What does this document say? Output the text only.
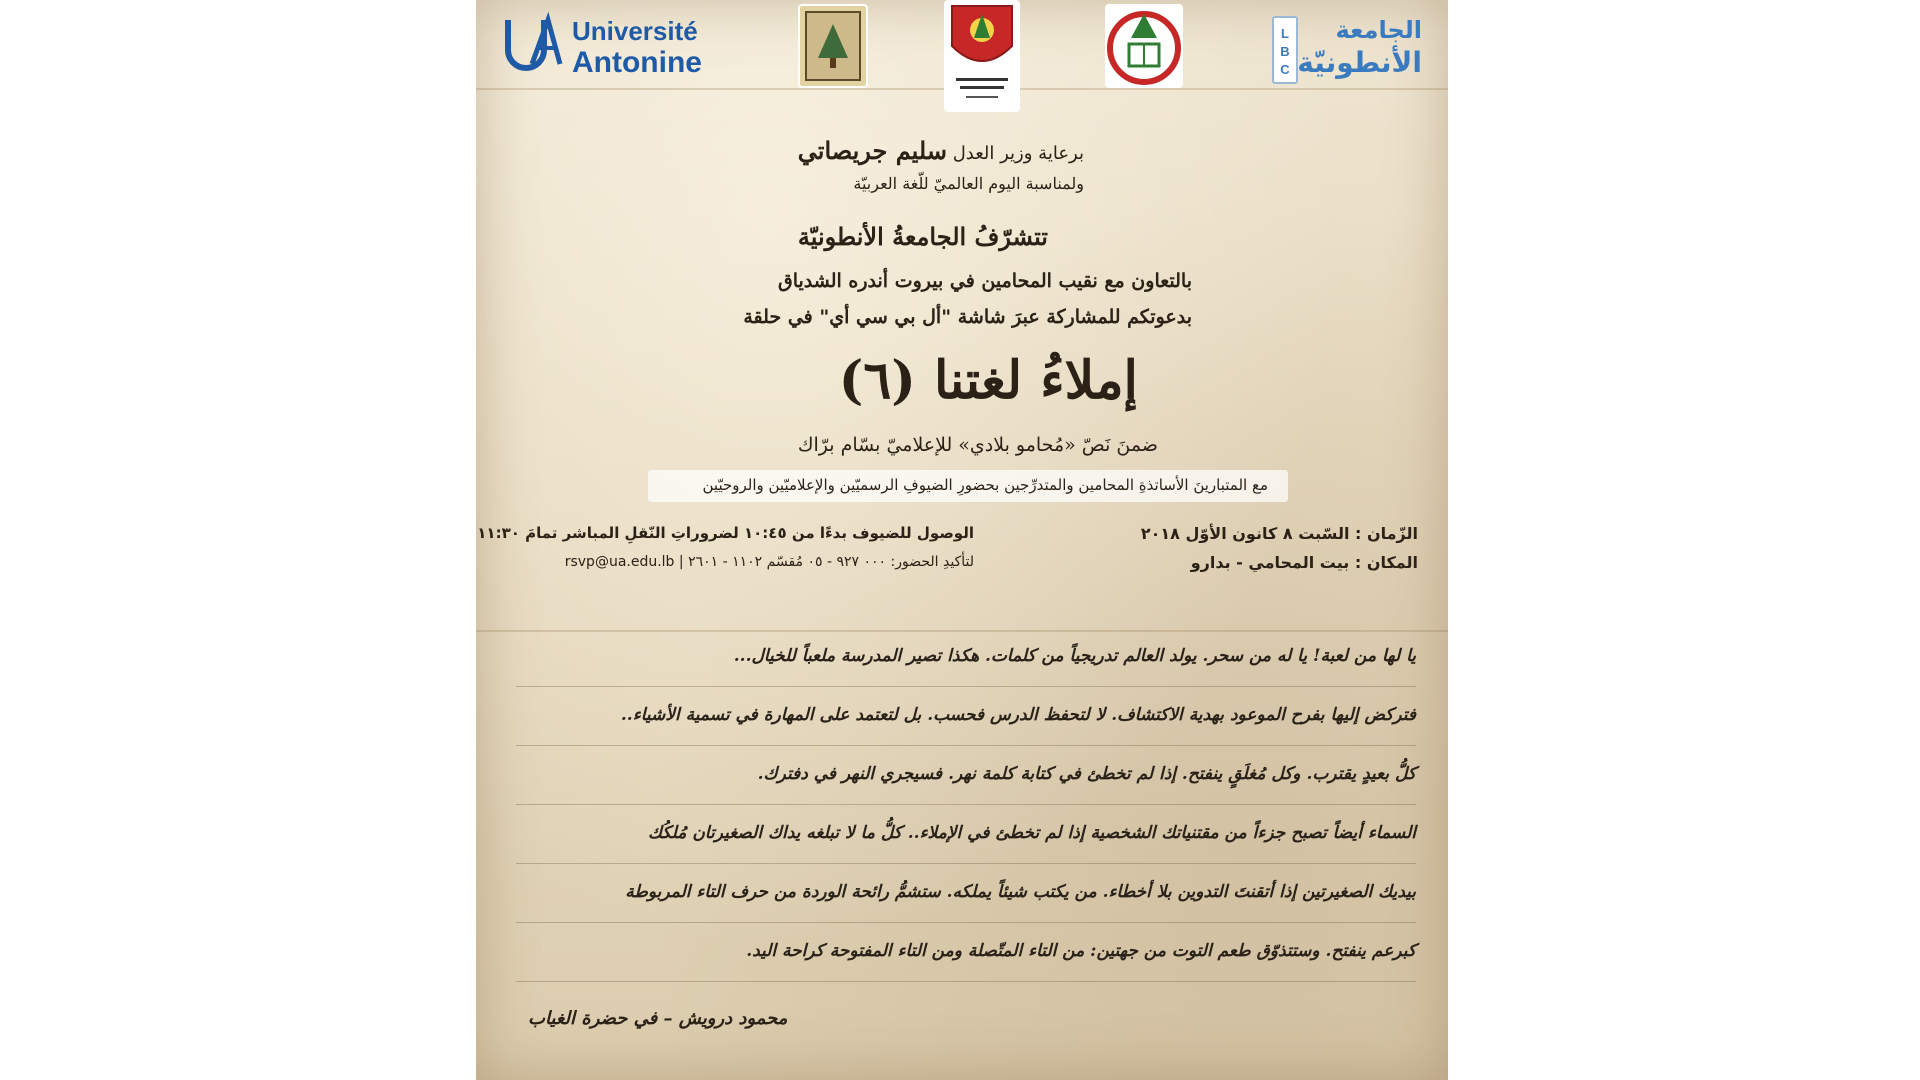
Université
Antonine
L
B
C
الجامعة
الأنطونيّة
برعاية وزير العدل سليم جريصاتي
ولمناسبة اليوم العالميّ للّغة العربيّة
تتشرّفُ الجامعةُ الأنطونيّة
بالتعاون مع نقيب المحامين في بيروت أندره الشدياق
بدعوتكم للمشاركة عبرَ شاشة "أل بي سي أي" في حلقة
إملاءُ لغتنا (٦)
ضمنَ نَصّ «مُحامو بلادي» للإعلاميّ بسّام برّاك
مع المتبارينَ الأساتذةِ المحامين والمتدرِّجين بحضورِ الضيوفِ الرسميّين والإعلاميّين والروحيّين
الزّمان : السّبت ٨ كانون الأوّل ٢٠١٨
المكان : بيت المحامي - بدارو
الوصول للضيوف بدءًا من ١٠:٤٥ لضروراتِ النّقلِ المباشر تمامَ ١١:٣٠
لتأكيدِ الحضور: ٠٠٠ ٩٢٧ - ٠٥ مُقسّم ١١٠٢ - ٢٦٠١ | rsvp@ua.edu.lb
يا لها من لعبة! يا له من سحر. يولد العالم تدريجياً من كلمات. هكذا تصير المدرسة ملعباً للخيال...
فتركض إليها بفرح الموعود بهدية الاكتشاف. لا لتحفظ الدرس فحسب. بل لتعتمد على المهارة في تسمية الأشياء..
كلُّ بعيدٍ يقترب. وكل مُغلَقٍ ينفتح. إذا لم تخطئ في كتابة كلمة نهر. فسيجري النهر في دفترك.
السماء أيضاً تصبح جزءاً من مقتنياتك الشخصية إذا لم تخطئ في الإملاء.. كلُّ ما لا تبلغه يداك الصغيرتان مُلكُك
بيديك الصغيرتين إذا أتقنتَ التدوين بلا أخطاء. من يكتب شيئاً يملكه. ستشمُّ رائحة الوردة من حرف التاء المربوطة
كبرعم ينفتح. وستتذوّق طعم التوت من جهتين: من التاء المتّصلة ومن التاء المفتوحة كراحة اليد.
محمود درويش – في حضرة الغياب
